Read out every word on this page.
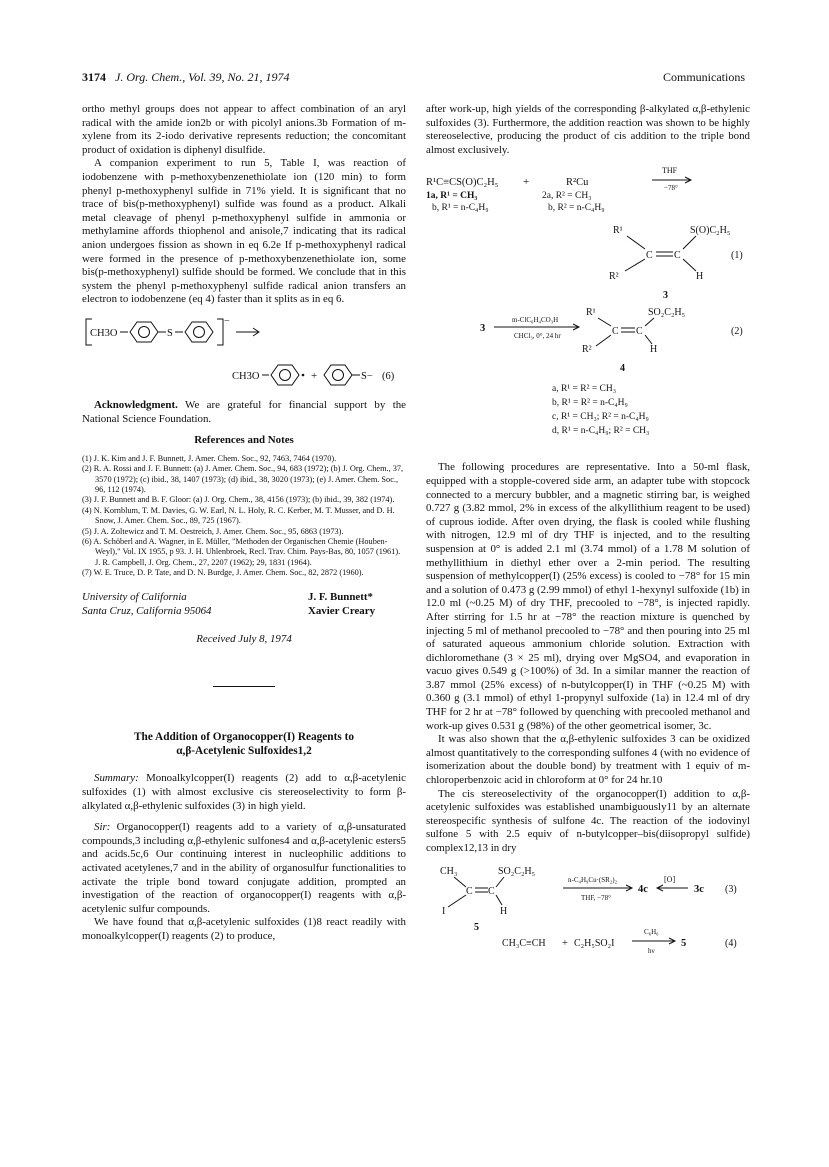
3174 J. Org. Chem., Vol. 39, No. 21, 1974	Communications

ortho methyl groups does not appear to affect combination of an aryl radical with the amide ion2b or with picolyl anions.3b Formation of m-xylene from its 2-iodo derivative represents reduction; the concomitant product of oxidation is diphenyl disulfide.

A companion experiment to run 5, Table I, was reaction of iodobenzene with p-methoxybenzenethiolate ion (120 min) to form phenyl p-methoxyphenyl sulfide in 71% yield. It is significant that no trace of bis(p-methoxyphenyl) sulfide was found as a product. Alkali metal cleavage of phenyl p-methoxyphenyl sulfide in ammonia or methylamine affords thiophenol and anisole,7 indicating that its radical anion undergoes fission as shown in eq 6.2e If p-methoxyphenyl radical were formed in the presence of p-methoxybenzenethiolate ion, some bis(p-methoxyphenyl) sulfide should be formed. We conclude that in this system the phenyl p-methoxyphenyl sulfide radical anion transfers an electron to iodobenzene (eq 4) faster than it splits as in eq 6.

CH3O	S
−
CH3O	+	S− (6)

Acknowledgment. We are grateful for financial support by the National Science Foundation.

References and Notes

(1) J. K. Kim and J. F. Bunnett, J. Amer. Chem. Soc., 92, 7463, 7464 (1970).

(2) R. A. Rossi and J. F. Bunnett: (a) J. Amer. Chem. Soc., 94, 683 (1972); (b) J. Org. Chem., 37, 3570 (1972); (c) ibid., 38, 1407 (1973); (d) ibid., 38, 3020 (1973); (e) J. Amer. Chem. Soc., 96, 112 (1974).

(3) J. F. Bunnett and B. F. Gloor: (a) J. Org. Chem., 38, 4156 (1973); (b) ibid., 39, 382 (1974).

(4) N. Kornblum, T. M. Davies, G. W. Earl, N. L. Holy, R. C. Kerber, M. T. Musser, and D. H. Snow, J. Amer. Chem. Soc., 89, 725 (1967).

(5) J. A. Zoltewicz and T. M. Oestreich, J. Amer. Chem. Soc., 95, 6863 (1973).

(6) A. Schöberl and A. Wagner, in E. Müller, "Methoden der Organischen Chemie (Houben-Weyl)," Vol. IX 1955, p 93. J. H. Uhlenbroek, Recl. Trav. Chim. Pays-Bas, 80, 1057 (1961). J. R. Campbell, J. Org. Chem., 27, 2207 (1962); 29, 1831 (1964).

(7) W. E. Truce, D. P. Tate, and D. N. Burdge, J. Amer. Chem. Soc., 82, 2872 (1960).

University of California
Santa Cruz, California 95064
J. F. Bunnett*
Xavier Creary
Received July 8, 1974
The Addition of Organocopper(I) Reagents to
α,β-Acetylenic Sulfoxides1,2

Summary: Monoalkylcopper(I) reagents (2) add to α,β-acetylenic sulfoxides (1) with almost exclusive cis stereoselectivity to form β-alkylated α,β-ethylenic sulfoxides (3) in high yield.

Sir: Organocopper(I) reagents add to a variety of α,β-unsaturated compounds,3 including α,β-ethylenic sulfones4 and α,β-acetylenic esters5 and acids.5c,6 Our continuing interest in nucleophilic additions to activated acetylenes,7 and in the ability of organosulfur functionalities to activate the triple bond toward conjugate addition, prompted an investigation of the reaction of organocopper(I) reagents with α,β-acetylenic sulfur compounds.

We have found that α,β-acetylenic sulfoxides (1)8 react readily with monoalkylcopper(I) reagents (2) to produce,

after work-up, high yields of the corresponding β-alkylated α,β-ethylenic sulfoxides (3). Furthermore, the addition reaction was shown to be highly stereoselective, producing the product of cis addition to the triple bond almost exclusively.

R¹C≡CS(O)C₂H₅ +	R²Cu
THF
−78°
1a, R¹ = CH₃
b, R¹ = n-C₄H₉
2a, R² = CH₃
b, R² = n-C₄H₉
R¹
R²
S(O)C₂H₅
H
C C
3
(1)
3
m-ClC₆H₄CO₃H
CHCl₃, 0°, 24 hr
R¹
R²
SO₂C₂H₅
H
C C
4
(2)
a, R¹ = R² = CH₃
b, R¹ = R² = n-C₄H₉
c, R¹ = CH₃; R² = n-C₄H₉
d, R¹ = n-C₄H₉; R² = CH₃

The following procedures are representative. Into a 50-ml flask, equipped with a stopple-covered side arm, an adapter tube with stopcock connected to a mercury bubbler, and a magnetic stirring bar, is weighed 0.727 g (3.82 mmol, 2% in excess of the alkyllithium reagent to be used) of cuprous iodide. After oven drying, the flask is cooled while flushing with nitrogen, 12.9 ml of dry THF is injected, and to the resulting suspension at 0° is added 2.1 ml (3.74 mmol) of a 1.78 M solution of methyllithium in diethyl ether over a 2-min period. The resulting suspension of methylcopper(I) (25% excess) is cooled to −78° for 15 min and a solution of 0.473 g (2.99 mmol) of ethyl 1-hexynyl sulfoxide (1b) in 12.0 ml (~0.25 M) of dry THF, precooled to −78°, is injected rapidly. After stirring for 1.5 hr at −78° the reaction mixture is quenched by injecting 5 ml of methanol precooled to −78° and then pouring into 25 ml of saturated aqueous ammonium chloride solution. Extraction with dichloromethane (3 × 25 ml), drying over MgSO4, and evaporation in vacuo gives 0.549 g (>100%) of 3d. In a similar manner the reaction of 3.87 mmol (25% excess) of n-butylcopper(I) in THF (~0.25 M) with 0.360 g (3.1 mmol) of ethyl 1-propynyl sulfoxide (1a) in 12.4 ml of dry THF for 2 hr at −78° followed by quenching with precooled methanol and work-up gives 0.531 g (98%) of the other geometrical isomer, 3c.

It was also shown that the α,β-ethylenic sulfoxides 3 can be oxidized almost quantitatively to the corresponding sulfones 4 (with no evidence of isomerization about the double bond) by treatment with 1 equiv of m-chloroperbenzoic acid in chloroform at 0° for 24 hr.10

The cis stereoselectivity of the organocopper(I) addition to α,β-acetylenic sulfoxides was established unambiguously11 by an alternate stereospecific synthesis of sulfone 4c. The reaction of the iodovinyl sulfone 5 with 2.5 equiv of n-butylcopper–bis(diisopropyl sulfide) complex12,13 in dry

CH₃	SO₂C₂H₅
I	H
C C
5
n-C₄H₉Cu·(SR₂)₂
THF, −78°
4c
[O]
3c (3)
CH₃C≡CH + C₂H₅SO₂I
C₆H₆
hν
5	(4)
